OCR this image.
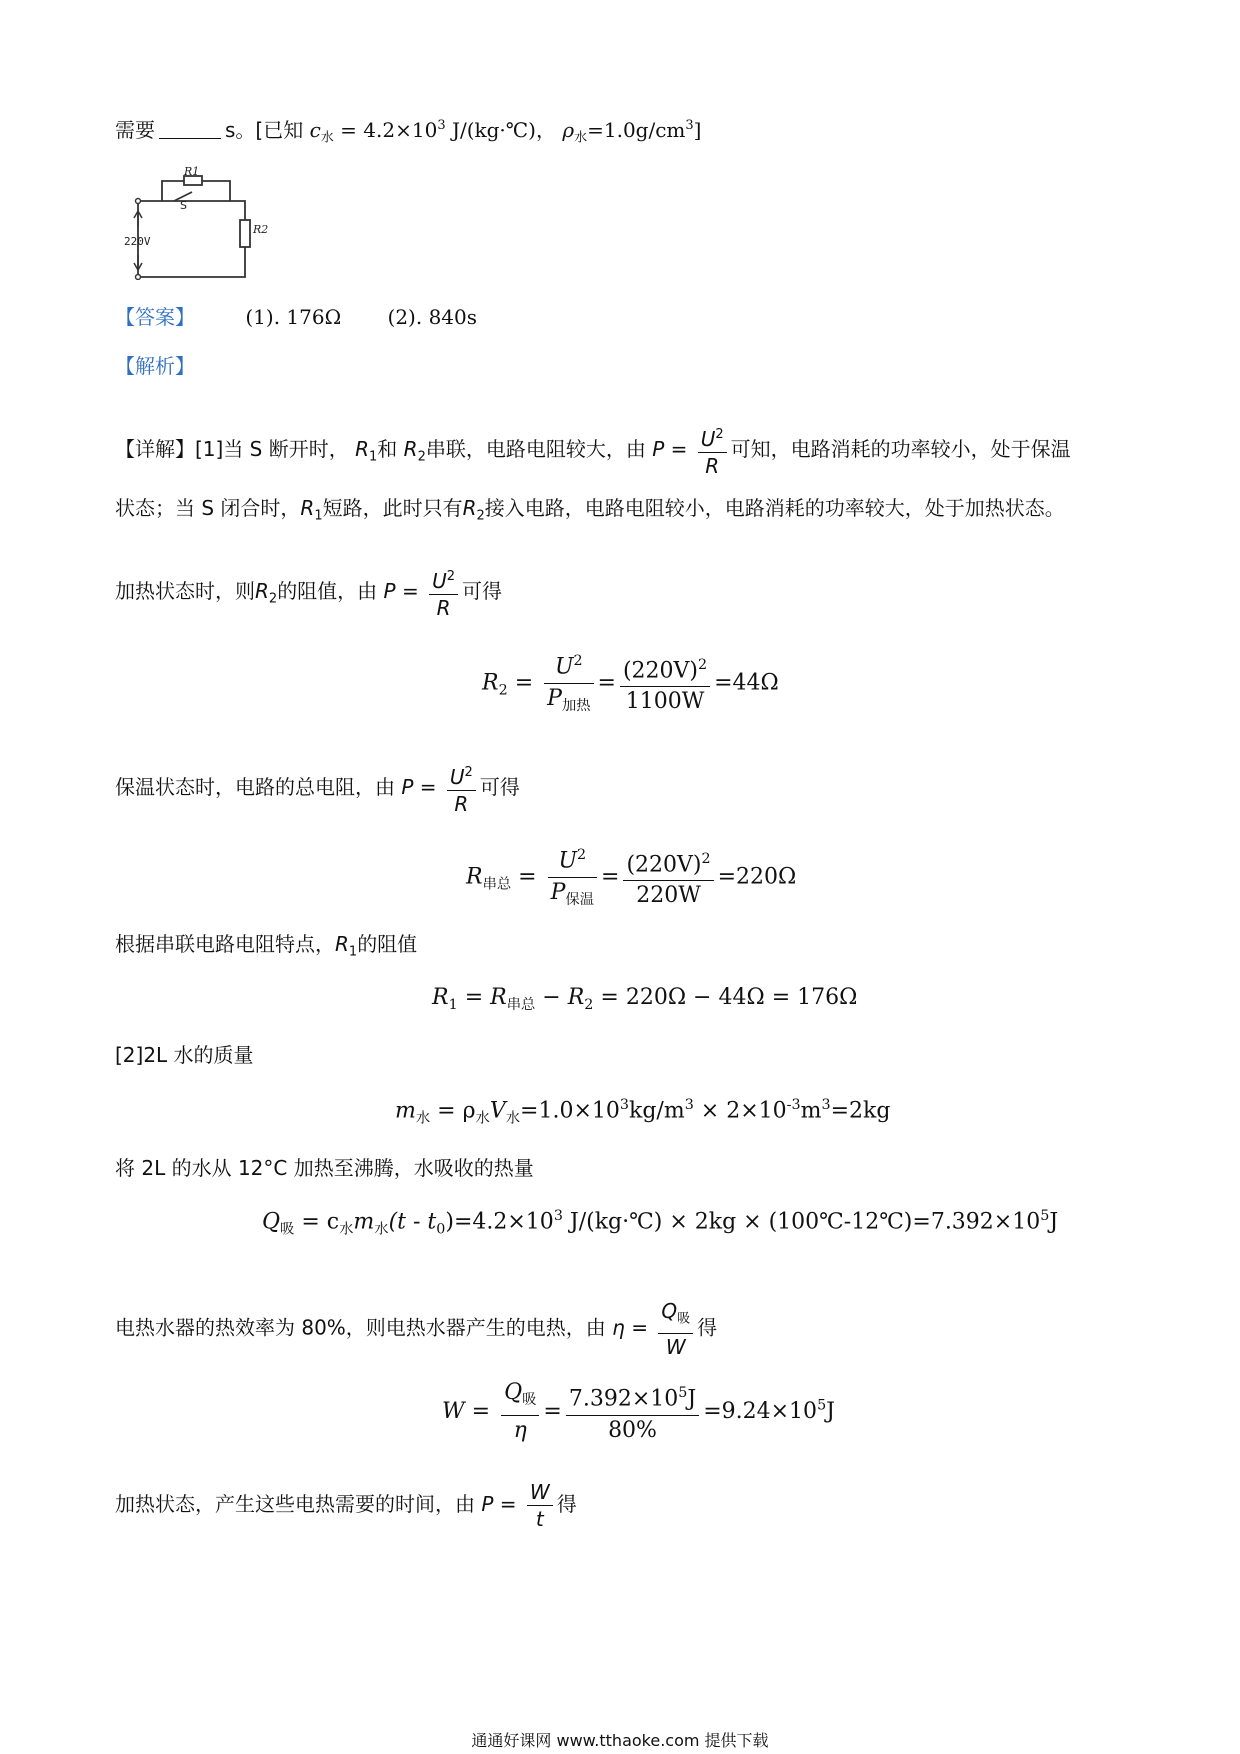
需要	s。[已知 $c_水 = 4.2\times 10^3$ J/(kg·℃)， $\rho_水=1.0g/cm^3$]
R1
S
R2
220V
【答案】	(1). 176Ω (2). 840s
【解析】
【详解】[1]当 S 断开时， $R_1$和 $R_2$串联，电路电阻较大，由 $P = \frac{U^2}{R}$ 可知，电路消耗的功率较小，处于保温
状态；当 S 闭合时，$R_1$短路，此时只有$R_2$接入电路，电路电阻较小，电路消耗的功率较大，处于加热状态。
加热状态时，则$R_2$的阻值，由 $P = \frac{U^2}{R}$ 可得
$R_2 = \frac{U^2}{P_{加热}} = \frac{(220V)^2}{1100W} =44\Omega$
保温状态时，电路的总电阻，由 $P = \frac{U^2}{R}$ 可得
$R_{串总} = \frac{U^2}{P_{保温}} = \frac{(220V)^2}{220W} =220\Omega$
根据串联电路电阻特点，$R_1$的阻值
$R_1 = R_{串总} - R_2 = 220\Omega - 44\Omega = 176\Omega$
[2]2L 水的质量
$m_水 = \rho_水V_水=1.0\times 10^3kg/m^3 \times 2\times 10^{-3}m^3=2kg$
将 2L 的水从 12°C 加热至沸腾，水吸收的热量
$Q_吸 = c_水m_水(t - t_0)=4.2\times 10^3$ J/(kg·℃) × $2kg \times (100℃-12℃)=7.392\times 10^5J$
电热水器的热效率为 80%，则电热水器产生的电热，由 $\eta = \frac{Q_吸}{W}$ 得
$W = \frac{Q_吸}{\eta} = \frac{7.392\times 10^5J}{80\%} =9.24\times 10^5J$
加热状态，产生这些电热需要的时间，由 $P = \frac{W}{t}$ 得
通通好课网 www.tthaoke.com 提供下载
